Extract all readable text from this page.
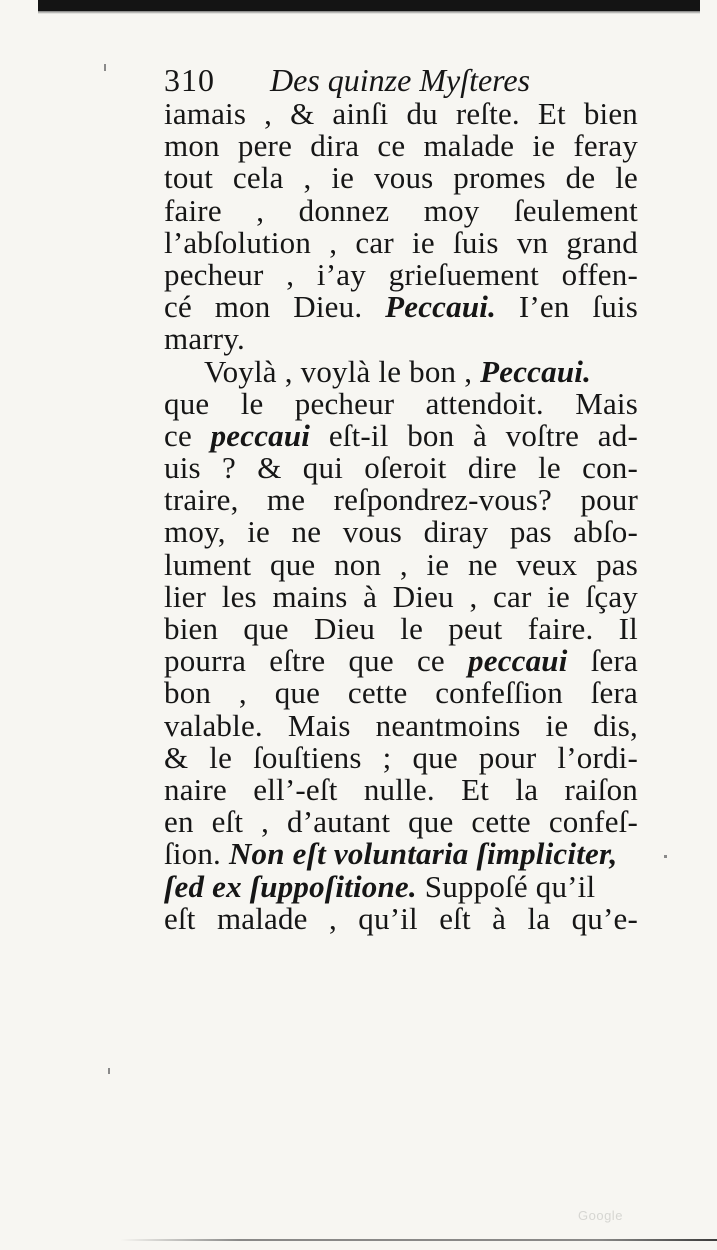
310	Des quinze Myſteres
iamais , & ainſi du reſte. Et bien
mon pere dira ce malade ie feray
tout cela , ie vous promes de le
faire , donnez moy ſeulement
l’abſolution , car ie ſuis vn grand
pecheur , i’ay grieſuement offen-
cé mon Dieu. Peccaui. I’en ſuis
marry.
Voylà , voylà le bon , Peccaui.
que le pecheur attendoit. Mais
ce peccaui eſt-il bon à voſtre ad-
uis ? & qui oſeroit dire le con-
traire, me reſpondrez-vous? pour
moy, ie ne vous diray pas abſo-
lument que non , ie ne veux pas
lier les mains à Dieu , car ie ſçay
bien que Dieu le peut faire. Il
pourra eſtre que ce peccaui ſera
bon , que cette confeſſion ſera
valable. Mais neantmoins ie dis,
& le ſouſtiens ; que pour l’ordi-
naire ell’-eſt nulle. Et la raiſon
en eſt , d’autant que cette confeſ-
ſion. Non eſt voluntaria ſimpliciter,
ſed ex ſuppoſitione. Suppoſé qu’il
eſt malade , qu’il eſt à la qu’e-
Google
